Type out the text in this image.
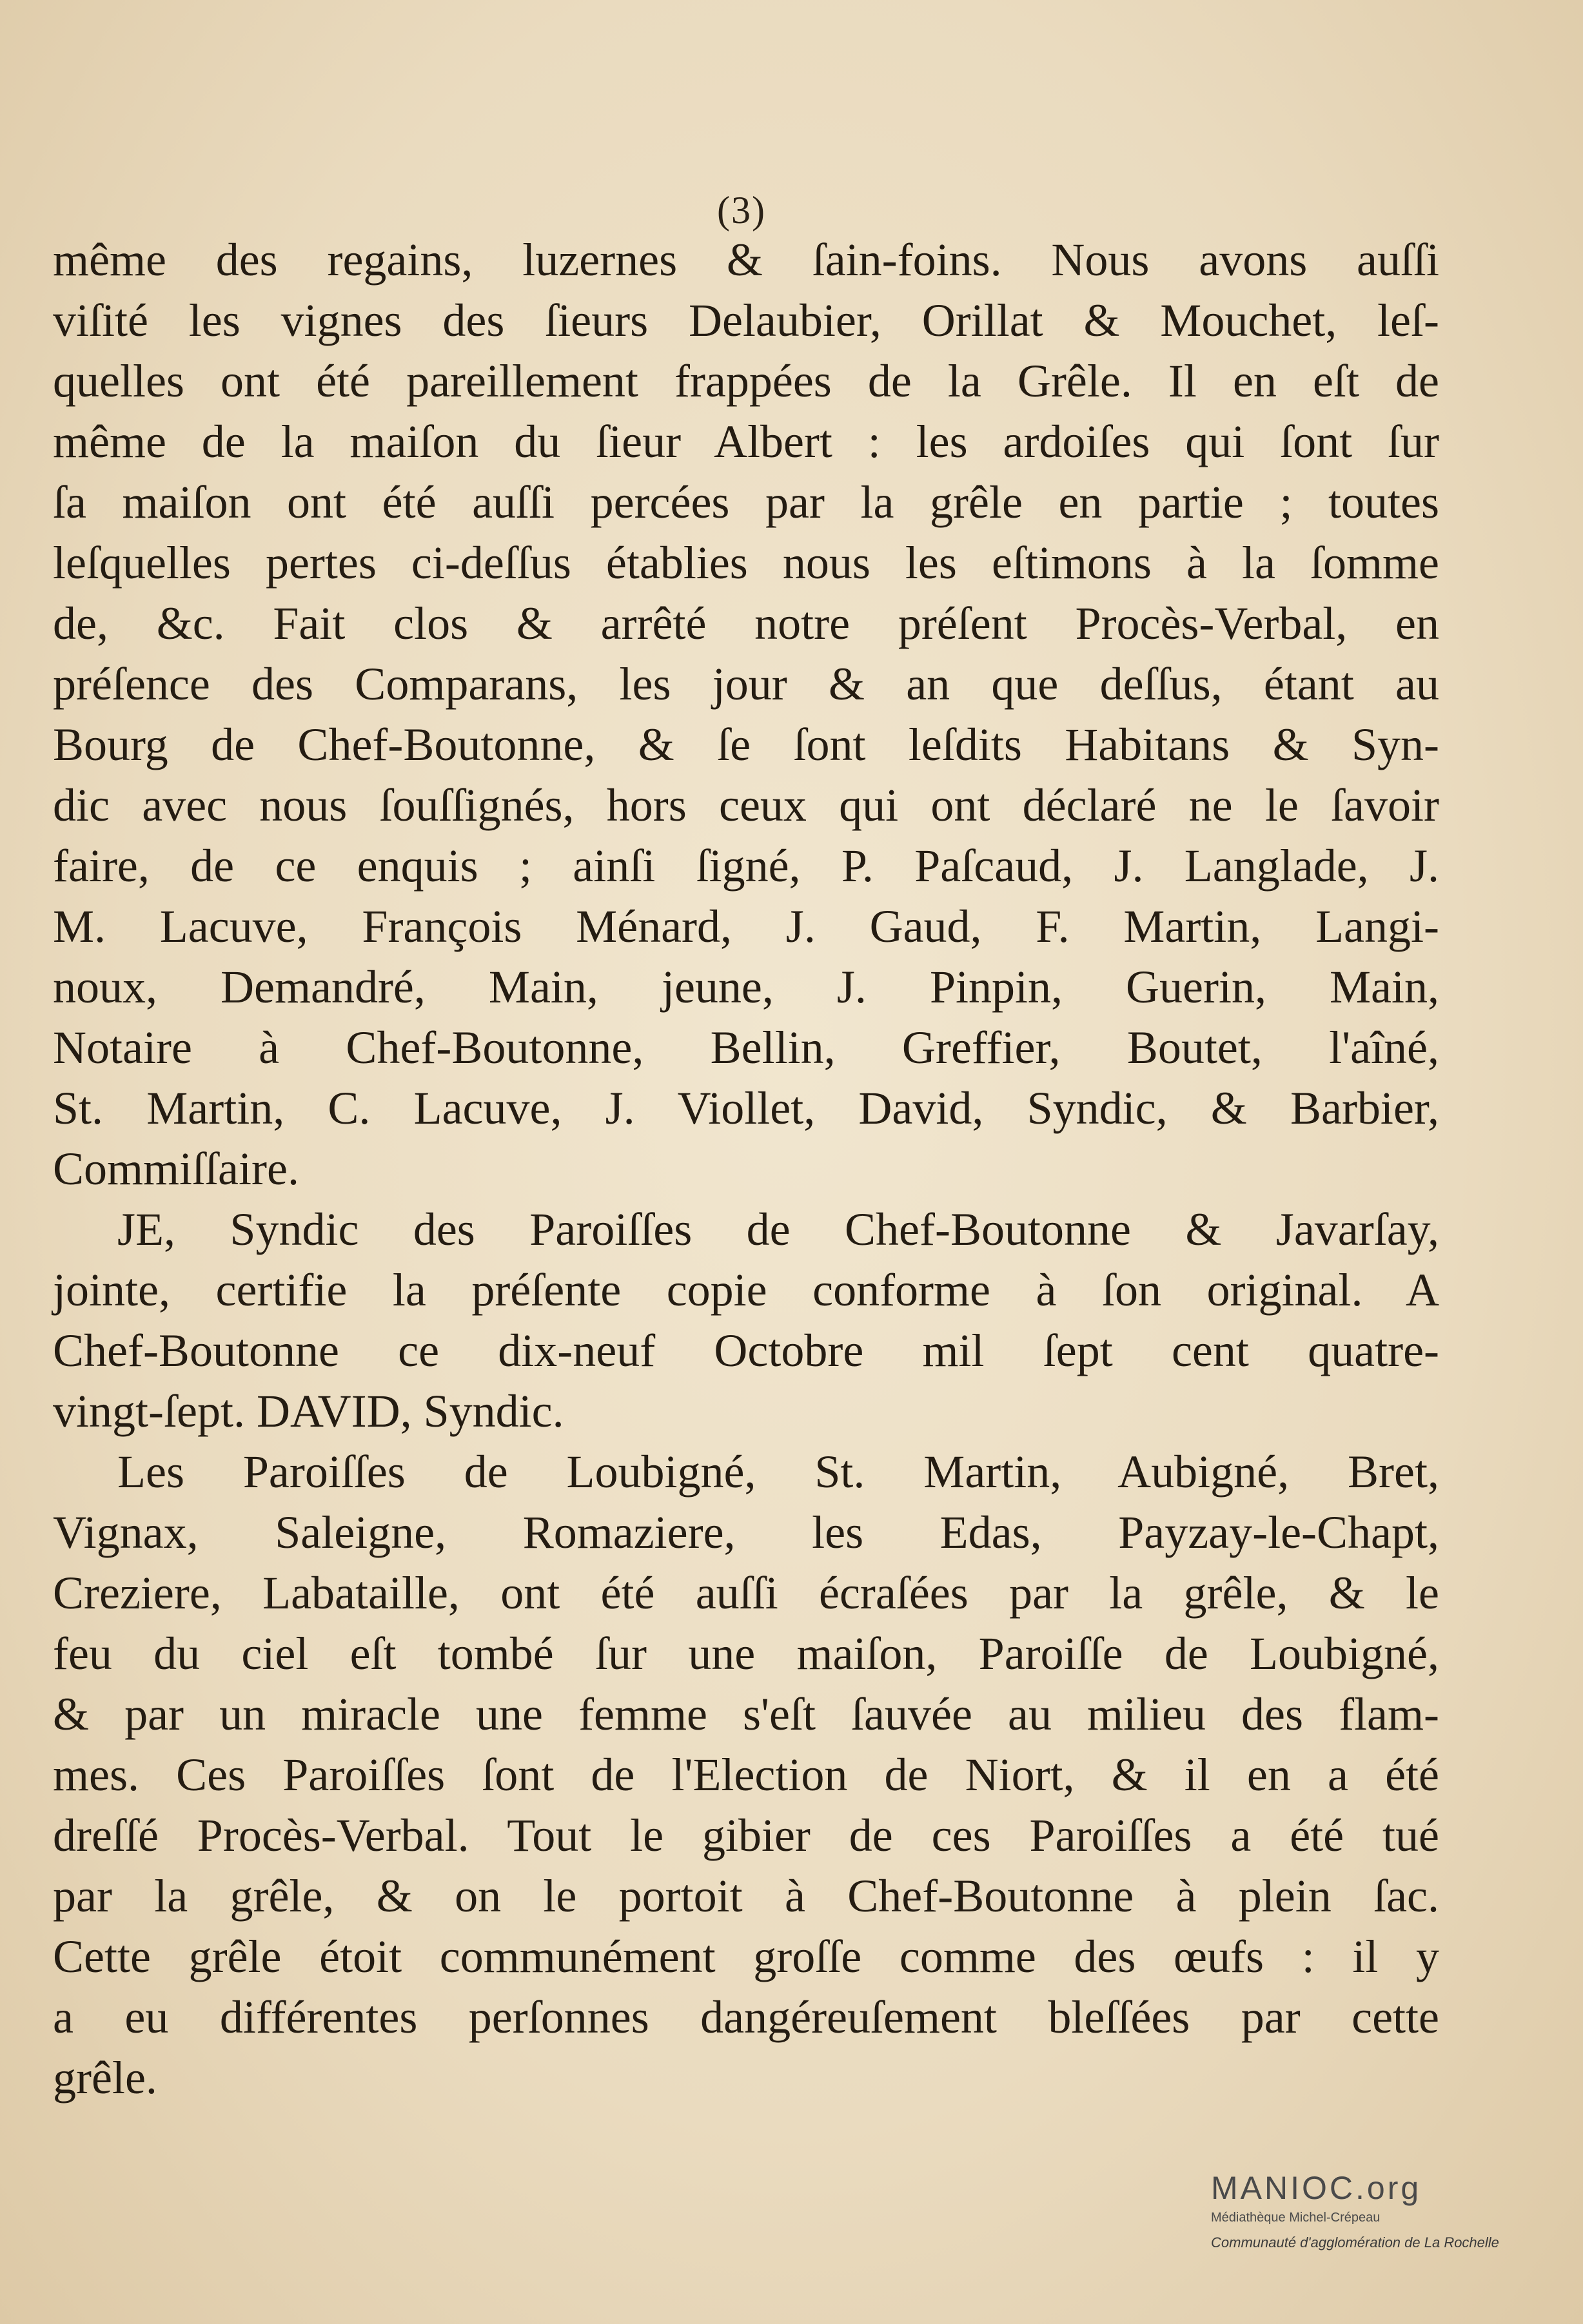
(3)
même des regains, luzernes & ſain-foins. Nous avons auſſi
viſité les vignes des ſieurs Delaubier, Orillat & Mouchet, leſ-
quelles ont été pareillement frappées de la Grêle. Il en eſt de
même de la maiſon du ſieur Albert : les ardoiſes qui ſont ſur
ſa maiſon ont été auſſi percées par la grêle en partie ; toutes
leſquelles pertes ci-deſſus établies nous les eſtimons à la ſomme
de, &c. Fait clos & arrêté notre préſent Procès-Verbal, en
préſence des Comparans, les jour & an que deſſus, étant au
Bourg de Chef-Boutonne, & ſe ſont leſdits Habitans & Syn-
dic avec nous ſouſſignés, hors ceux qui ont déclaré ne le ſavoir
faire, de ce enquis ; ainſi ſigné, P. Paſcaud, J. Langlade, J.
M. Lacuve, François Ménard, J. Gaud, F. Martin, Langi-
noux, Demandré, Main, jeune, J. Pinpin, Guerin, Main,
Notaire à Chef-Boutonne, Bellin, Greffier, Boutet, l'aîné,
St. Martin, C. Lacuve, J. Viollet, David, Syndic, & Barbier,
Commiſſaire.
JE, Syndic des Paroiſſes de Chef-Boutonne & Javarſay,
jointe, certifie la préſente copie conforme à ſon original. A
Chef-Boutonne ce dix-neuf Octobre mil ſept cent quatre-
vingt-ſept. DAVID, Syndic.
Les Paroiſſes de Loubigné, St. Martin, Aubigné, Bret,
Vignax, Saleigne, Romaziere, les Edas, Payzay-le-Chapt,
Creziere, Labataille, ont été auſſi écraſées par la grêle, & le
feu du ciel eſt tombé ſur une maiſon, Paroiſſe de Loubigné,
& par un miracle une femme s'eſt ſauvée au milieu des flam-
mes. Ces Paroiſſes ſont de l'Election de Niort, & il en a été
dreſſé Procès-Verbal. Tout le gibier de ces Paroiſſes a été tué
par la grêle, & on le portoit à Chef-Boutonne à plein ſac.
Cette grêle étoit communément groſſe comme des œufs : il y
a eu différentes perſonnes dangéreuſement bleſſées par cette
grêle.
MANIOC.org
Médiathèque Michel-Crépeau
Communauté d'agglomération de La Rochelle
